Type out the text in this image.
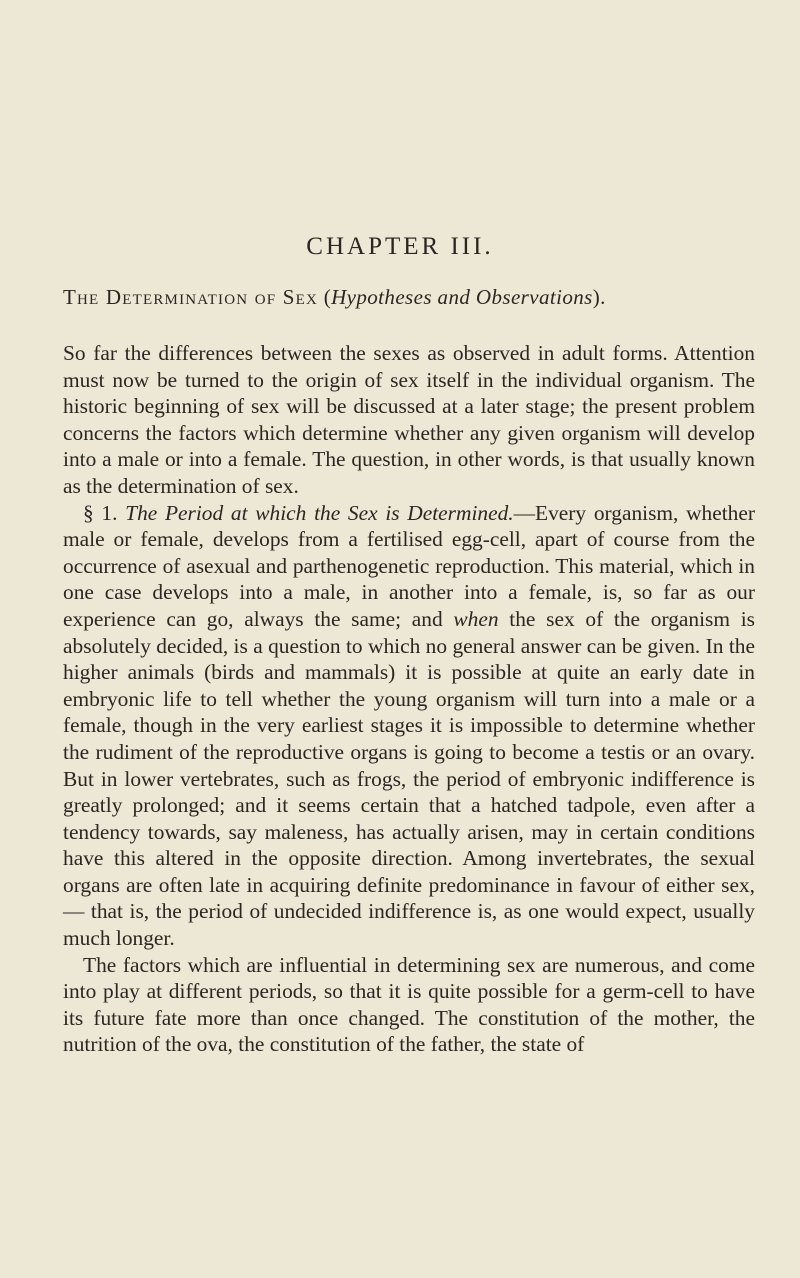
CHAPTER III.
The Determination of Sex (Hypotheses and Observations).

So far the differences between the sexes as observed in adult forms. Attention must now be turned to the origin of sex itself in the individual organism. The historic beginning of sex will be discussed at a later stage; the present problem concerns the factors which determine whether any given organism will develop into a male or into a female. The question, in other words, is that usually known as the determination of sex.

§ 1. The Period at which the Sex is Determined.—Every organism, whether male or female, develops from a fertilised egg-cell, apart of course from the occurrence of asexual and parthenogenetic reproduction. This material, which in one case develops into a male, in another into a female, is, so far as our experience can go, always the same; and when the sex of the organism is absolutely decided, is a question to which no general answer can be given. In the higher animals (birds and mammals) it is possible at quite an early date in embryonic life to tell whether the young organism will turn into a male or a female, though in the very earliest stages it is impossible to determine whether the rudiment of the reproductive organs is going to become a testis or an ovary. But in lower vertebrates, such as frogs, the period of embryonic indifference is greatly prolonged; and it seems certain that a hatched tadpole, even after a tendency towards, say maleness, has actually arisen, may in certain conditions have this altered in the opposite direction. Among invertebrates, the sexual organs are often late in acquiring definite predominance in favour of either sex,— that is, the period of undecided indifference is, as one would expect, usually much longer.

The factors which are influential in determining sex are numerous, and come into play at different periods, so that it is quite possible for a germ-cell to have its future fate more than once changed. The constitution of the mother, the nutrition of the ova, the constitution of the father, the state of
